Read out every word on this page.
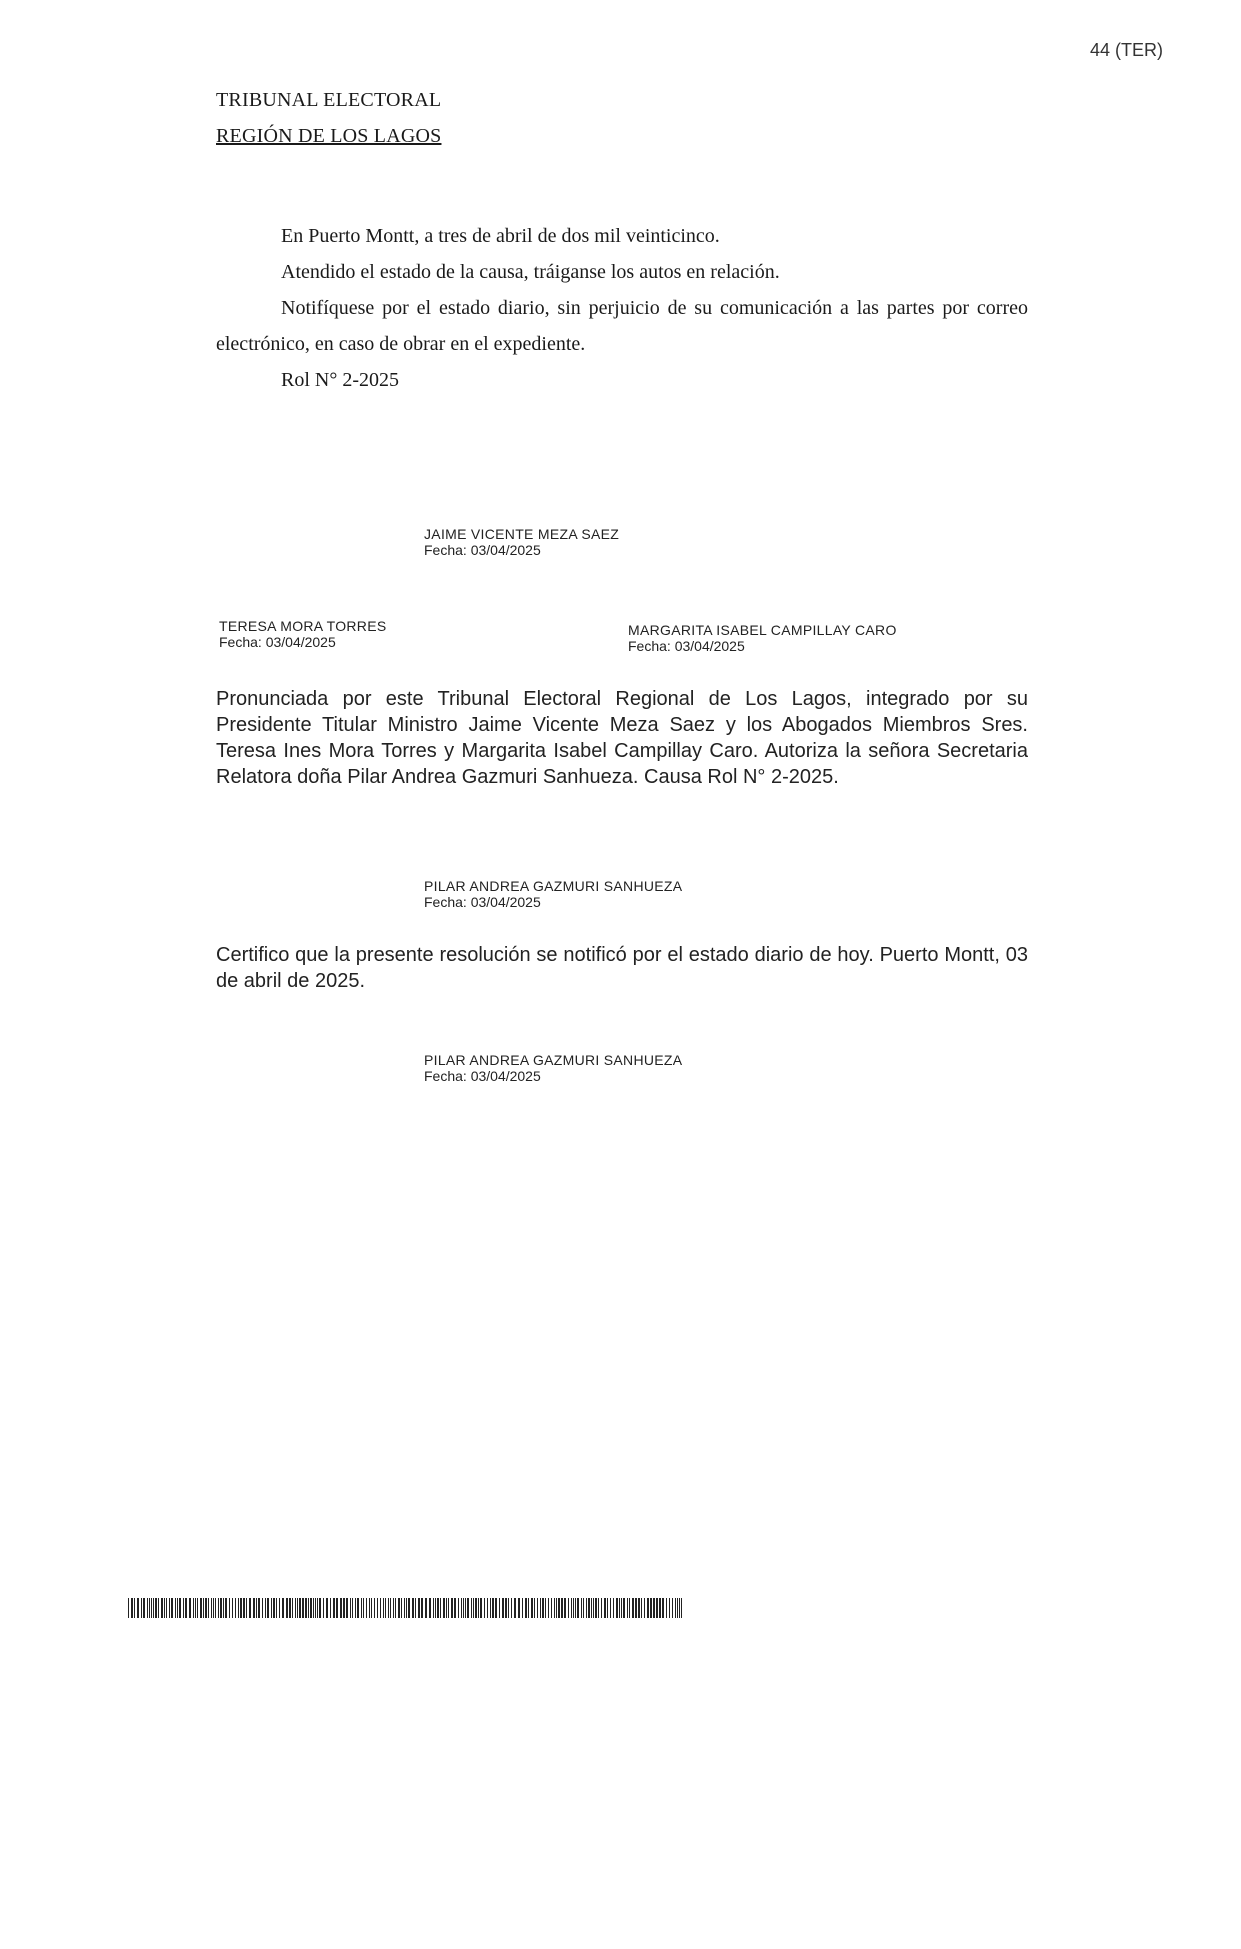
44 (TER)
TRIBUNAL ELECTORAL
REGIÓN DE LOS LAGOS

En Puerto Montt, a tres de abril de dos mil veinticinco.

Atendido el estado de la causa, tráiganse los autos en relación.

Notifíquese por el estado diario, sin perjuicio de su comunicación a las partes por correo electrónico, en caso de obrar en el expediente.

Rol N° 2-2025

JAIME VICENTE MEZA SAEZ
Fecha: 03/04/2025
TERESA MORA TORRES
Fecha: 03/04/2025
MARGARITA ISABEL CAMPILLAY CARO
Fecha: 03/04/2025
Pronunciada por este Tribunal Electoral Regional de Los Lagos, integrado por su Presidente Titular Ministro Jaime Vicente Meza Saez y los Abogados Miembros Sres. Teresa Ines Mora Torres y Margarita Isabel Campillay Caro. Autoriza la señora Secretaria Relatora doña Pilar Andrea Gazmuri Sanhueza. Causa Rol N° 2-2025.
PILAR ANDREA GAZMURI SANHUEZA
Fecha: 03/04/2025
Certifico que la presente resolución se notificó por el estado diario de hoy. Puerto Montt, 03 de abril de 2025.
PILAR ANDREA GAZMURI SANHUEZA
Fecha: 03/04/2025
